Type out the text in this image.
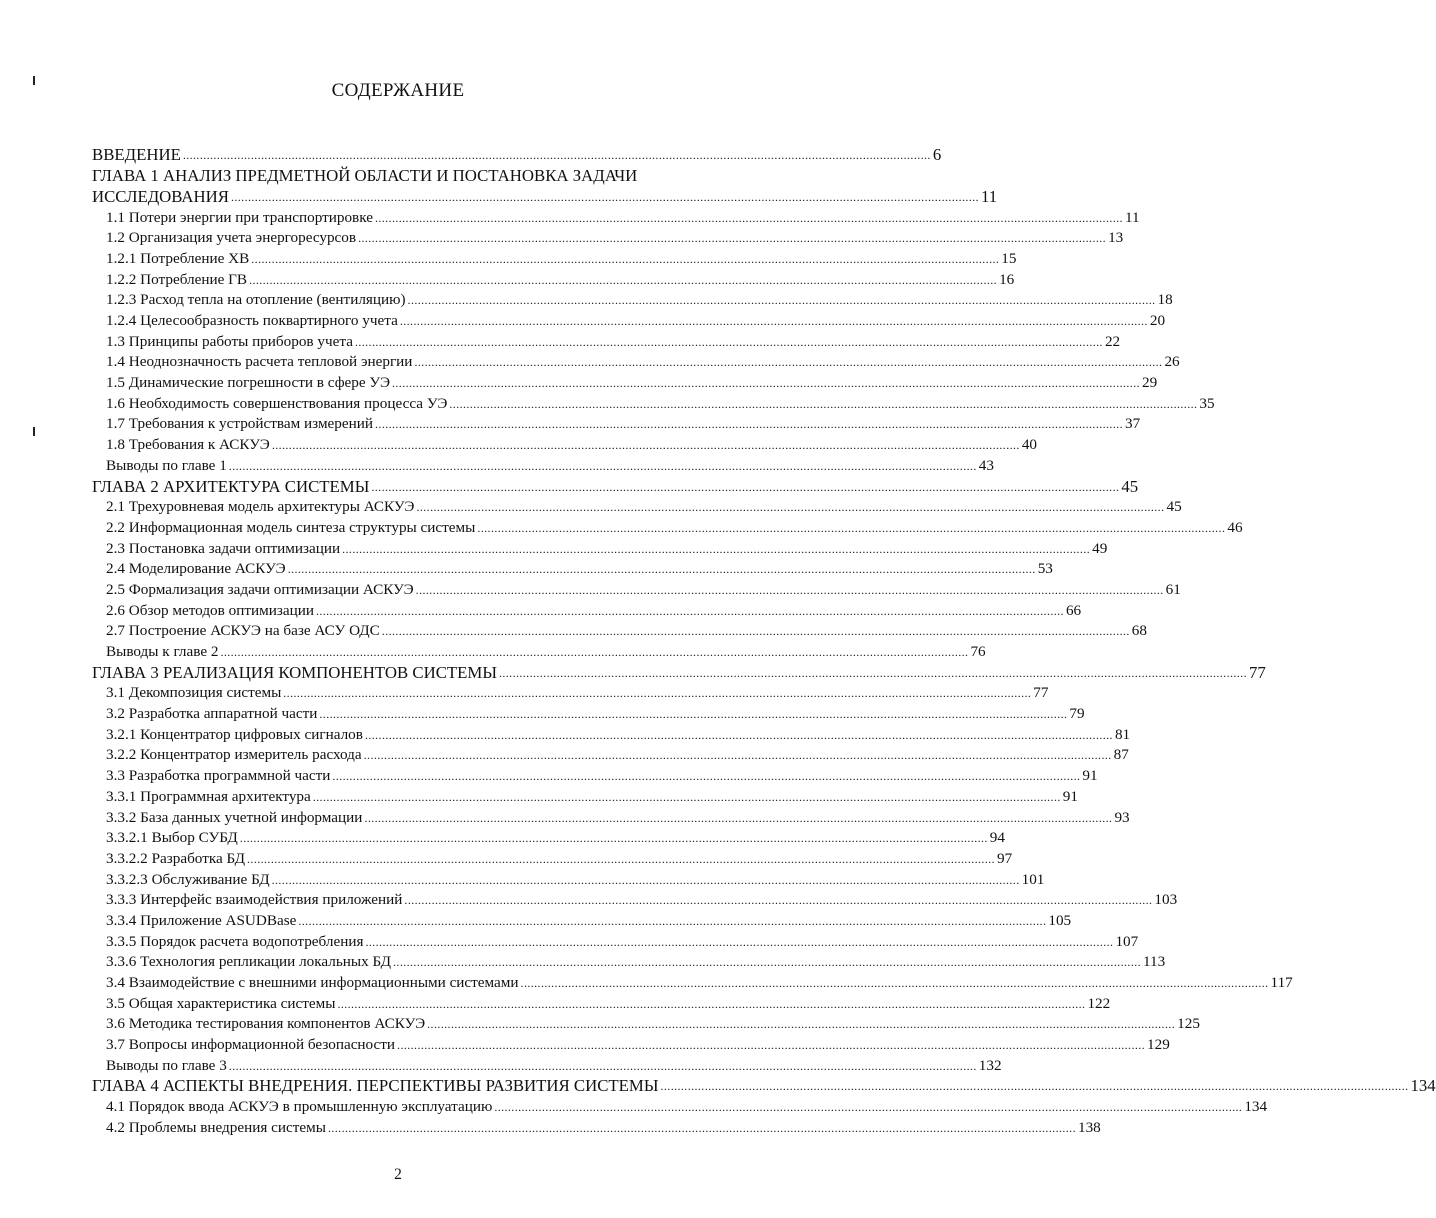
СОДЕРЖАНИЕ
ВВЕДЕНИЕ ............................................................................................................................................................................................................................ 6
ГЛАВА 1 АНАЛИЗ ПРЕДМЕТНОЙ ОБЛАСТИ И ПОСТАНОВКА ЗАДАЧИ
ИССЛЕДОВАНИЯ ............................................................................................................................................................................................................................ 11
1.1 Потери энергии при транспортировке ............................................................................................................................................................................................................................ 11
1.2 Организация учета энергоресурсов ............................................................................................................................................................................................................................ 13
1.2.1 Потребление ХВ ............................................................................................................................................................................................................................ 15
1.2.2 Потребление ГВ ............................................................................................................................................................................................................................ 16
1.2.3 Расход тепла на отопление (вентиляцию) ............................................................................................................................................................................................................................ 18
1.2.4 Целесообразность поквартирного учета ............................................................................................................................................................................................................................ 20
1.3 Принципы работы приборов учета ............................................................................................................................................................................................................................ 22
1.4 Неоднозначность расчета тепловой энергии ............................................................................................................................................................................................................................ 26
1.5 Динамические погрешности в сфере УЭ ............................................................................................................................................................................................................................ 29
1.6 Необходимость совершенствования процесса УЭ ............................................................................................................................................................................................................................ 35
1.7 Требования к устройствам измерений ............................................................................................................................................................................................................................ 37
1.8 Требования к АСКУЭ ............................................................................................................................................................................................................................ 40
Выводы по главе 1 ............................................................................................................................................................................................................................ 43
ГЛАВА 2 АРХИТЕКТУРА СИСТЕМЫ ............................................................................................................................................................................................................................ 45
2.1 Трехуровневая модель архитектуры АСКУЭ ............................................................................................................................................................................................................................ 45
2.2 Информационная модель синтеза структуры системы ............................................................................................................................................................................................................................ 46
2.3 Постановка задачи оптимизации ............................................................................................................................................................................................................................ 49
2.4 Моделирование АСКУЭ ............................................................................................................................................................................................................................ 53
2.5 Формализация задачи оптимизации АСКУЭ ............................................................................................................................................................................................................................ 61
2.6 Обзор методов оптимизации ............................................................................................................................................................................................................................ 66
2.7 Построение АСКУЭ на базе АСУ ОДС ............................................................................................................................................................................................................................ 68
Выводы к главе 2 ............................................................................................................................................................................................................................ 76
ГЛАВА 3 РЕАЛИЗАЦИЯ КОМПОНЕНТОВ СИСТЕМЫ ............................................................................................................................................................................................................................ 77
3.1 Декомпозиция системы ............................................................................................................................................................................................................................ 77
3.2 Разработка аппаратной части ............................................................................................................................................................................................................................ 79
3.2.1 Концентратор цифровых сигналов ............................................................................................................................................................................................................................ 81
3.2.2 Концентратор измеритель расхода ............................................................................................................................................................................................................................ 87
3.3 Разработка программной части ............................................................................................................................................................................................................................ 91
3.3.1 Программная архитектура ............................................................................................................................................................................................................................ 91
3.3.2 База данных учетной информации ............................................................................................................................................................................................................................ 93
3.3.2.1 Выбор СУБД ............................................................................................................................................................................................................................ 94
3.3.2.2 Разработка БД ............................................................................................................................................................................................................................ 97
3.3.2.3 Обслуживание БД ............................................................................................................................................................................................................................ 101
3.3.3 Интерфейс взаимодействия приложений ............................................................................................................................................................................................................................ 103
3.3.4 Приложение ASUDBase ............................................................................................................................................................................................................................ 105
3.3.5 Порядок расчета водопотребления ............................................................................................................................................................................................................................ 107
3.3.6 Технология репликации локальных БД ............................................................................................................................................................................................................................ 113
3.4 Взаимодействие с внешними информационными системами ............................................................................................................................................................................................................................ 117
3.5 Общая характеристика системы ............................................................................................................................................................................................................................ 122
3.6 Методика тестирования компонентов АСКУЭ ............................................................................................................................................................................................................................ 125
3.7 Вопросы информационной безопасности ............................................................................................................................................................................................................................ 129
Выводы по главе 3 ............................................................................................................................................................................................................................ 132
ГЛАВА 4 АСПЕКТЫ ВНЕДРЕНИЯ. ПЕРСПЕКТИВЫ РАЗВИТИЯ СИСТЕМЫ ............................................................................................................................................................................................................................ 134
4.1 Порядок ввода АСКУЭ в промышленную эксплуатацию ............................................................................................................................................................................................................................ 134
4.2 Проблемы внедрения системы ............................................................................................................................................................................................................................ 138
2
